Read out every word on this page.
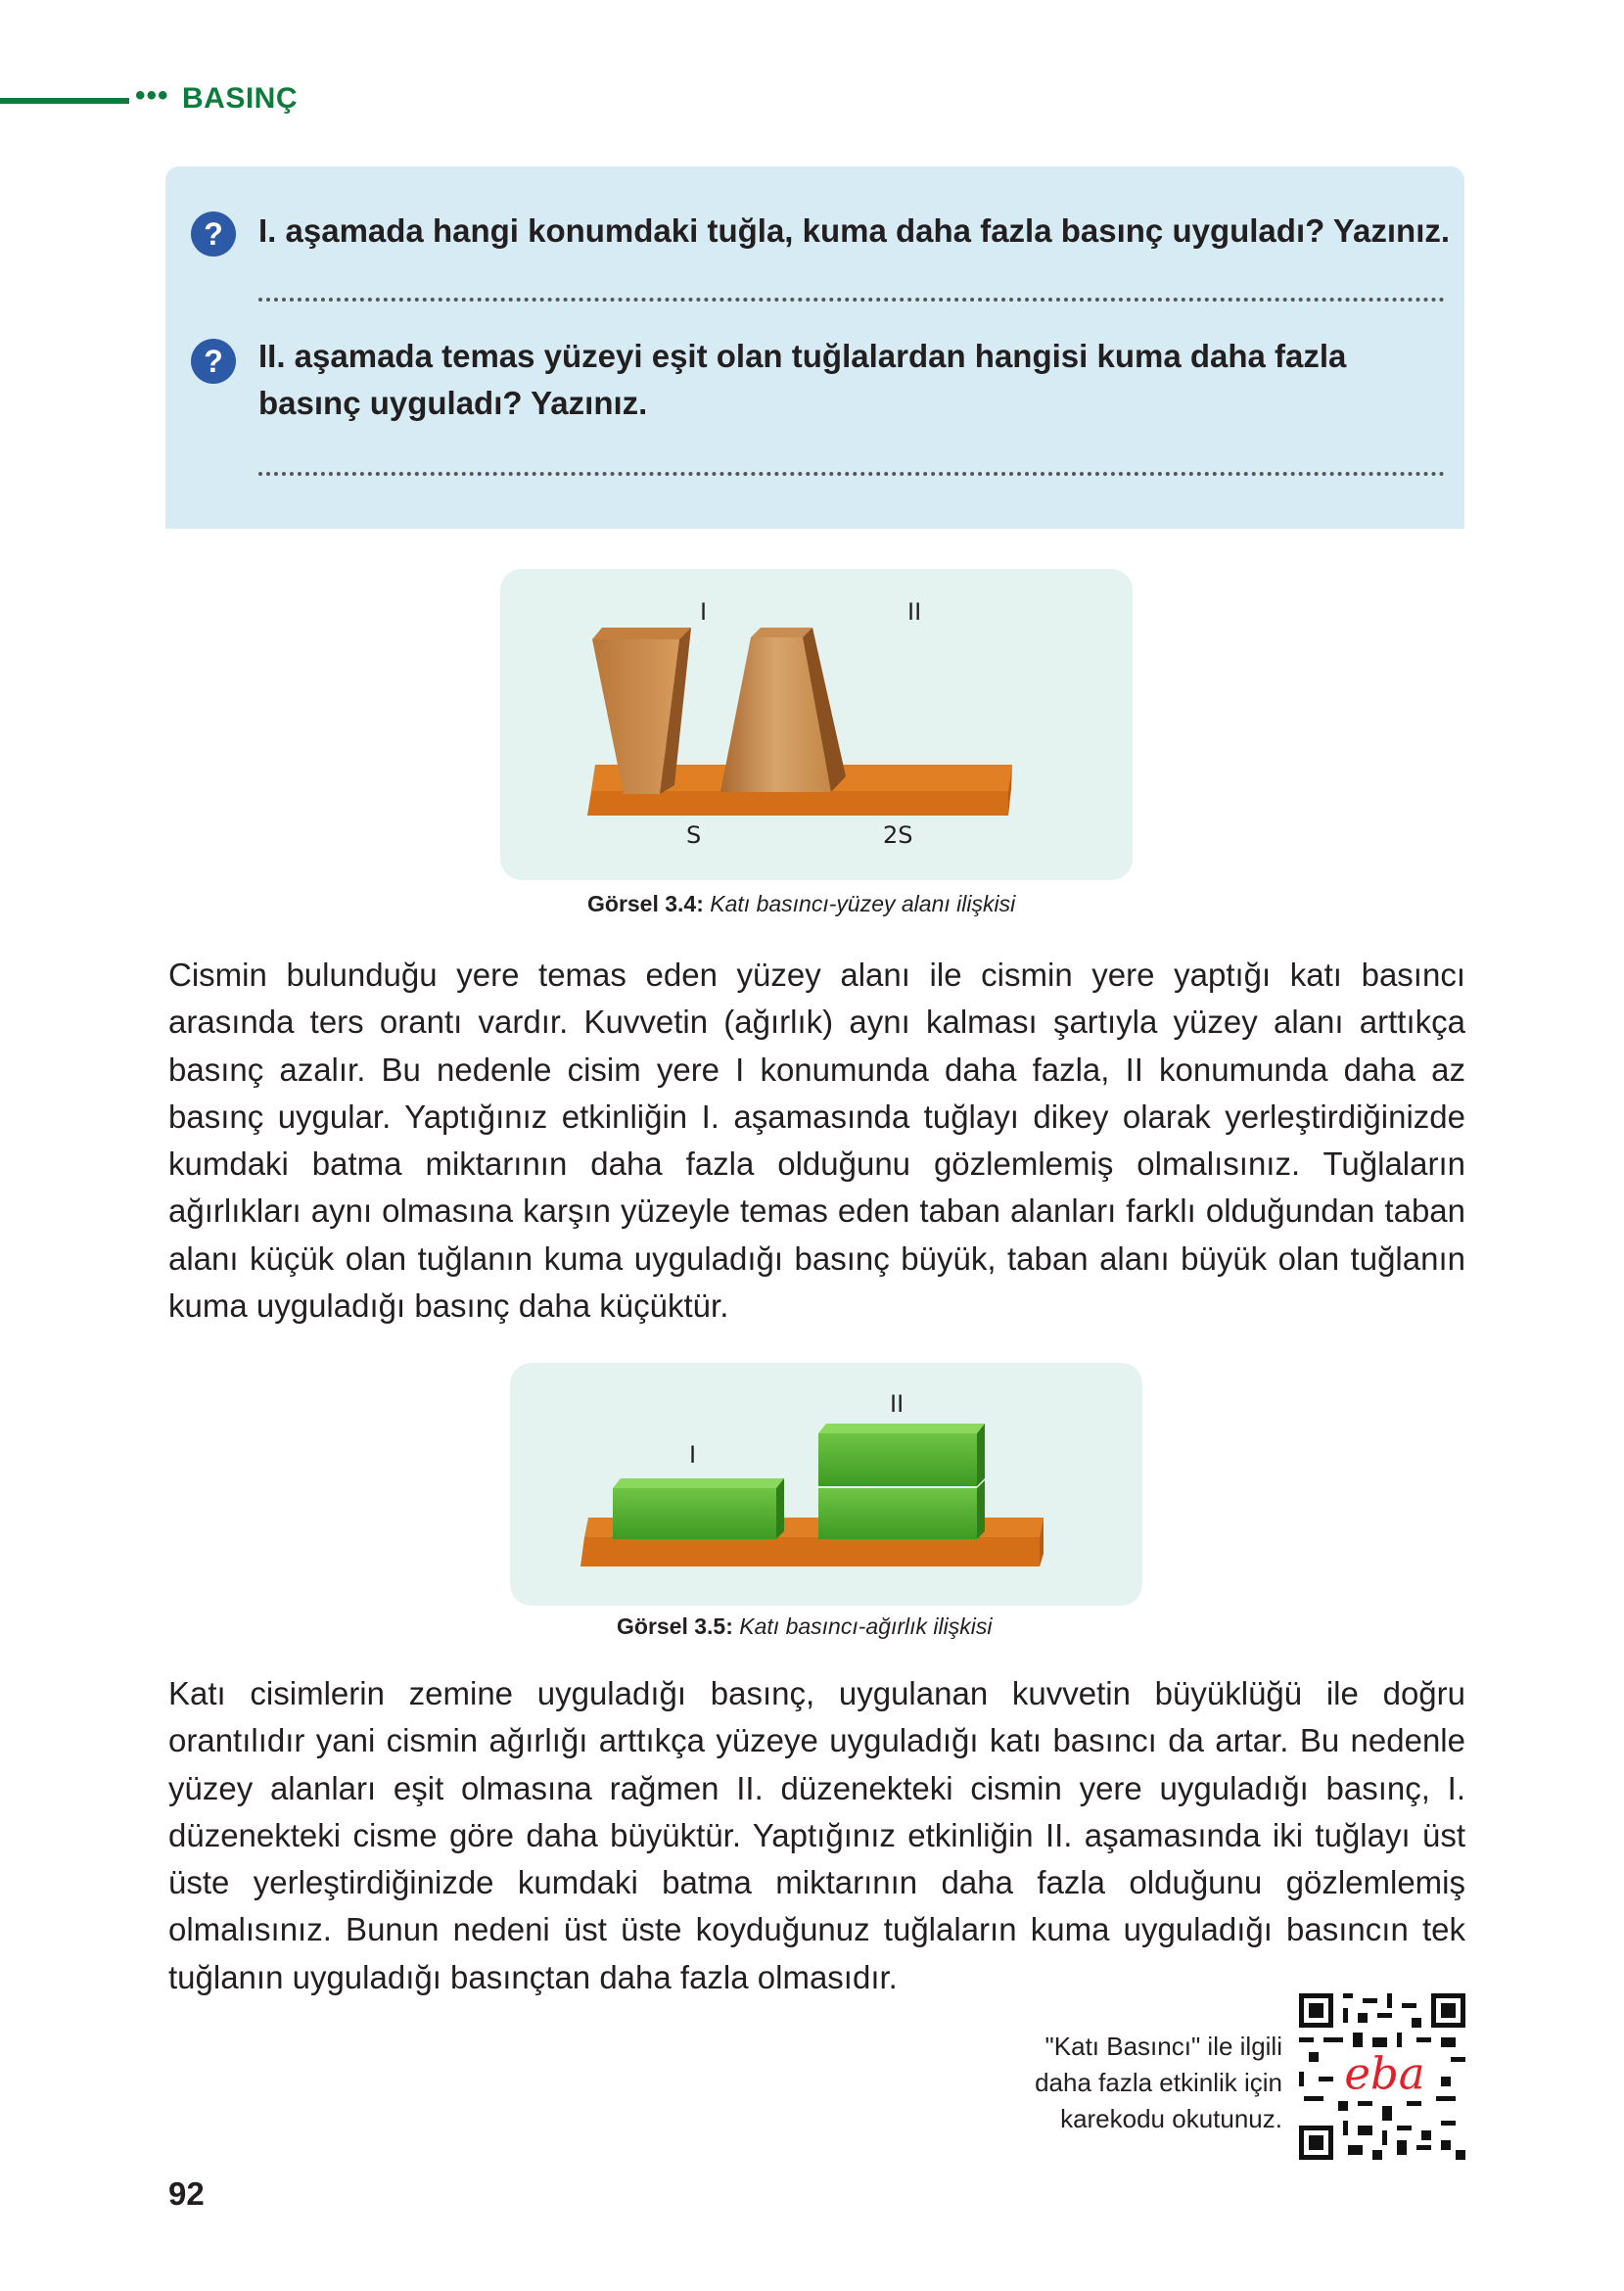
••• BASINÇ
?	I. aşamada hangi konumdaki tuğla, kuma daha fazla basınç uyguladı? Yazınız.
?	II. aşamada temas yüzeyi eşit olan tuğlalardan hangisi kuma daha fazla basınç uyguladı? Yazınız.
I	II
S	2S
Görsel 3.4: Katı basıncı-yüzey alanı ilişkisi
Cismin bulunduğu yere temas eden yüzey alanı ile cismin yere yaptığı katı basıncı arasında ters orantı vardır. Kuvvetin (ağırlık) aynı kalması şartıyla yüzey alanı arttıkça basınç azalır. Bu nedenle cisim yere I konumunda daha fazla, II konumunda daha az basınç uygular. Yaptığınız etkinliğin I. aşamasında tuğlayı dikey olarak yerleştirdiğinizde kumdaki batma miktarının daha fazla olduğunu gözlemlemiş olmalısınız. Tuğlaların ağırlıkları aynı olmasına karşın yüzeyle temas eden taban alanları farklı olduğundan taban alanı küçük olan tuğlanın kuma uyguladığı basınç büyük, taban alanı büyük olan tuğlanın kuma uyguladığı basınç daha küçüktür.
I
II
Görsel 3.5: Katı basıncı-ağırlık ilişkisi
Katı cisimlerin zemine uyguladığı basınç, uygulanan kuvvetin büyüklüğü ile doğru orantılıdır yani cismin ağırlığı arttıkça yüzeye uyguladığı katı basıncı da artar. Bu nedenle yüzey alanları eşit olmasına rağmen II. düzenekteki cismin yere uyguladığı basınç, I. düzenekteki cisme göre daha büyüktür. Yaptığınız etkinliğin II. aşamasında iki tuğlayı üst üste yerleştirdiğinizde kumdaki batma miktarının daha fazla olduğunu gözlemlemiş olmalısınız. Bunun nedeni üst üste koyduğunuz tuğlaların kuma uyguladığı basıncın tek tuğlanın uyguladığı basınçtan daha fazla olmasıdır.
"Katı Basıncı" ile ilgili
daha fazla etkinlik için
karekodu okutunuz.
eba
92
